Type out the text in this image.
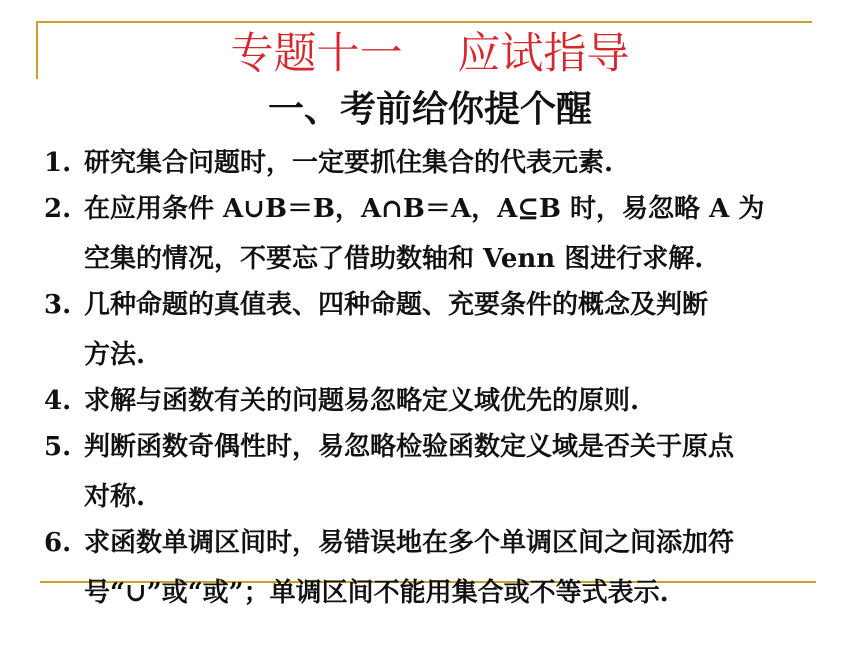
专题十一    应试指导
一、考前给你提个醒
1. 研究集合问题时，一定要抓住集合的代表元素.
2. 在应用条件 A∪B＝B，A∩B＝A，A⊆B 时，易忽略 A 为
空集的情况，不要忘了借助数轴和 Venn 图进行求解.
3. 几种命题的真值表、四种命题、充要条件的概念及判断
方法.
4. 求解与函数有关的问题易忽略定义域优先的原则.
5. 判断函数奇偶性时，易忽略检验函数定义域是否关于原点
对称.
6. 求函数单调区间时，易错误地在多个单调区间之间添加符
号“∪”或“或”；单调区间不能用集合或不等式表示.
